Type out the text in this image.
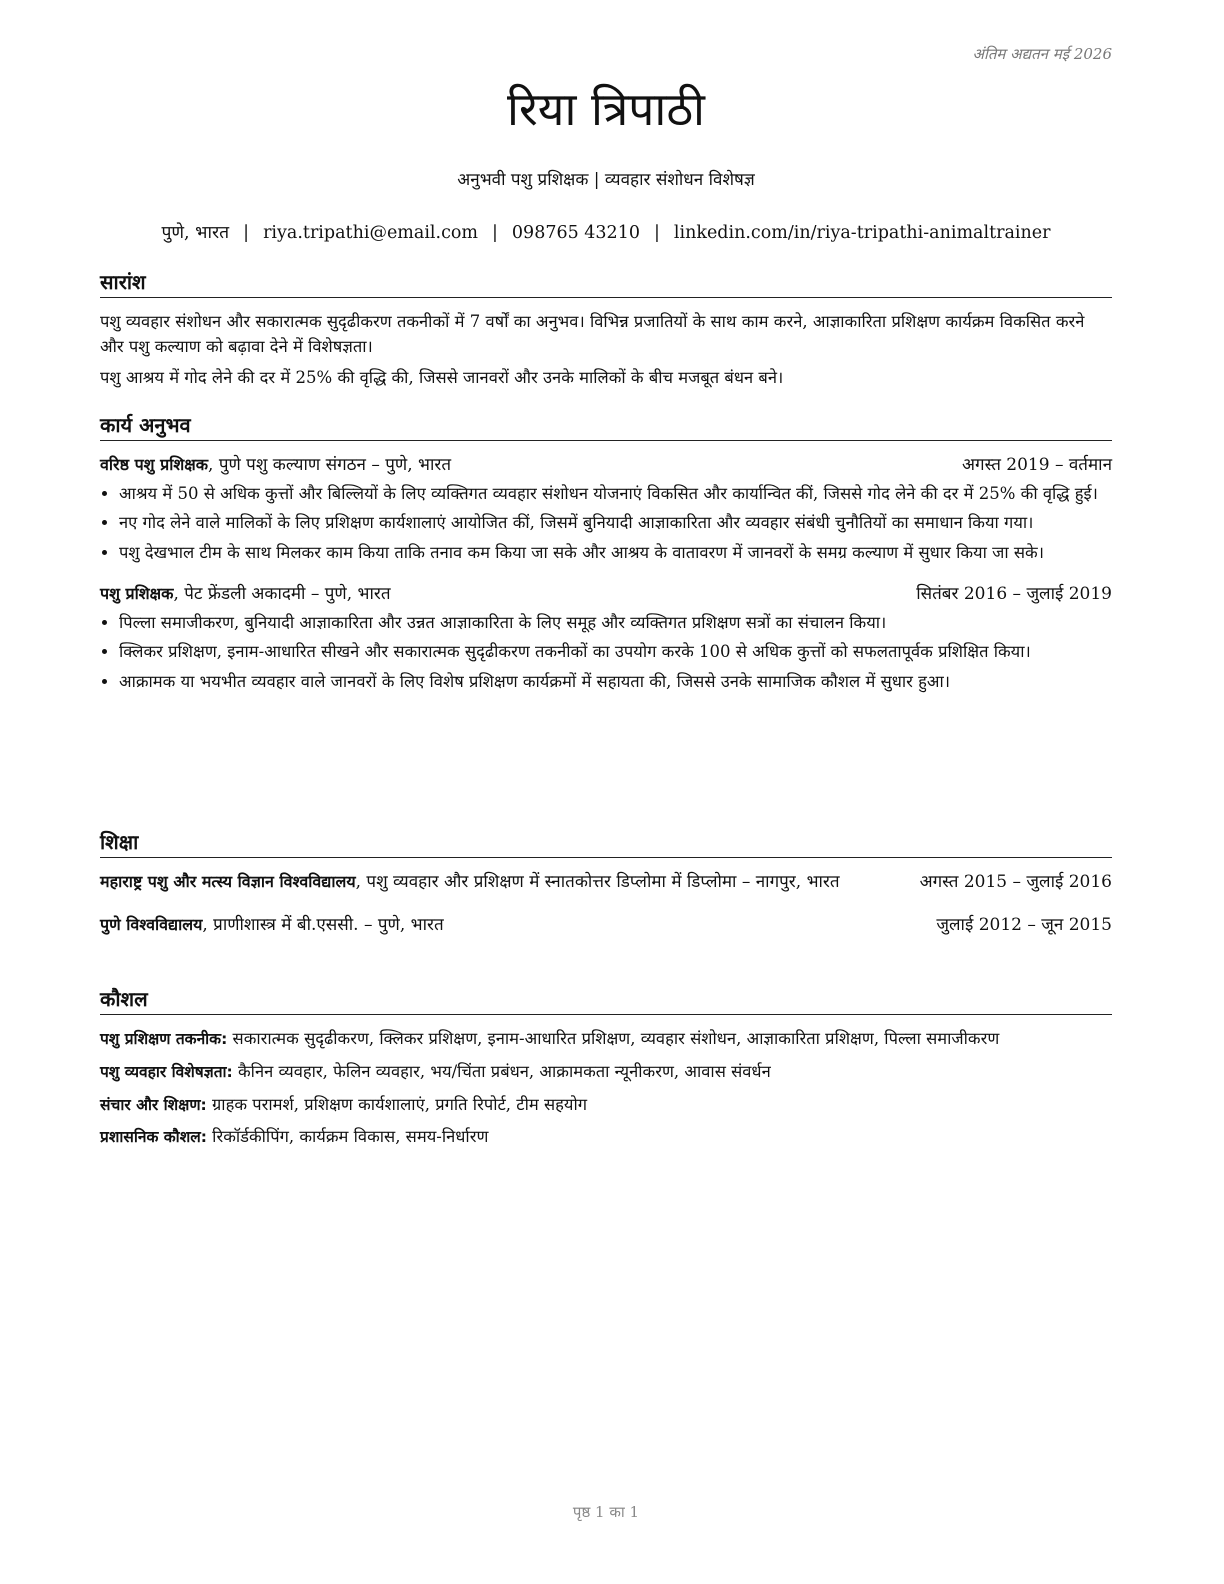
अंतिम अद्यतन मई 2026
रिया त्रिपाठी
अनुभवी पशु प्रशिक्षक | व्यवहार संशोधन विशेषज्ञ
पुणे, भारत | riya.tripathi@email.com | 098765 43210 | linkedin.com/in/riya-tripathi-animaltrainer
सारांश

पशु व्यवहार संशोधन और सकारात्मक सुदृढीकरण तकनीकों में 7 वर्षों का अनुभव। विभिन्न प्रजातियों के साथ काम करने, आज्ञाकारिता प्रशिक्षण कार्यक्रम विकसित करने और पशु कल्याण को बढ़ावा देने में विशेषज्ञता।

पशु आश्रय में गोद लेने की दर में 25% की वृद्धि की, जिससे जानवरों और उनके मालिकों के बीच मजबूत बंधन बने।

कार्य अनुभव
वरिष्ठ पशु प्रशिक्षक, पुणे पशु कल्याण संगठन – पुणे, भारत	अगस्त 2019 – वर्तमान
• आश्रय में 50 से अधिक कुत्तों और बिल्लियों के लिए व्यक्तिगत व्यवहार संशोधन योजनाएं विकसित और कार्यान्वित कीं, जिससे गोद लेने की दर में 25% की वृद्धि हुई।
• नए गोद लेने वाले मालिकों के लिए प्रशिक्षण कार्यशालाएं आयोजित कीं, जिसमें बुनियादी आज्ञाकारिता और व्यवहार संबंधी चुनौतियों का समाधान किया गया।
• पशु देखभाल टीम के साथ मिलकर काम किया ताकि तनाव कम किया जा सके और आश्रय के वातावरण में जानवरों के समग्र कल्याण में सुधार किया जा सके।
पशु प्रशिक्षक, पेट फ्रेंडली अकादमी – पुणे, भारत	सितंबर 2016 – जुलाई 2019
• पिल्ला समाजीकरण, बुनियादी आज्ञाकारिता और उन्नत आज्ञाकारिता के लिए समूह और व्यक्तिगत प्रशिक्षण सत्रों का संचालन किया।
• क्लिकर प्रशिक्षण, इनाम-आधारित सीखने और सकारात्मक सुदृढीकरण तकनीकों का उपयोग करके 100 से अधिक कुत्तों को सफलतापूर्वक प्रशिक्षित किया।
• आक्रामक या भयभीत व्यवहार वाले जानवरों के लिए विशेष प्रशिक्षण कार्यक्रमों में सहायता की, जिससे उनके सामाजिक कौशल में सुधार हुआ।
शिक्षा
महाराष्ट्र पशु और मत्स्य विज्ञान विश्वविद्यालय, पशु व्यवहार और प्रशिक्षण में स्नातकोत्तर डिप्लोमा में डिप्लोमा – नागपुर, भारत	अगस्त 2015 – जुलाई 2016
पुणे विश्वविद्यालय, प्राणीशास्त्र में बी.एससी. – पुणे, भारत	जुलाई 2012 – जून 2015
कौशल
पशु प्रशिक्षण तकनीक: सकारात्मक सुदृढीकरण, क्लिकर प्रशिक्षण, इनाम-आधारित प्रशिक्षण, व्यवहार संशोधन, आज्ञाकारिता प्रशिक्षण, पिल्ला समाजीकरण
पशु व्यवहार विशेषज्ञता: कैनिन व्यवहार, फेलिन व्यवहार, भय/चिंता प्रबंधन, आक्रामकता न्यूनीकरण, आवास संवर्धन
संचार और शिक्षण: ग्राहक परामर्श, प्रशिक्षण कार्यशालाएं, प्रगति रिपोर्ट, टीम सहयोग
प्रशासनिक कौशल: रिकॉर्डकीपिंग, कार्यक्रम विकास, समय-निर्धारण
पृष्ठ 1 का 1
